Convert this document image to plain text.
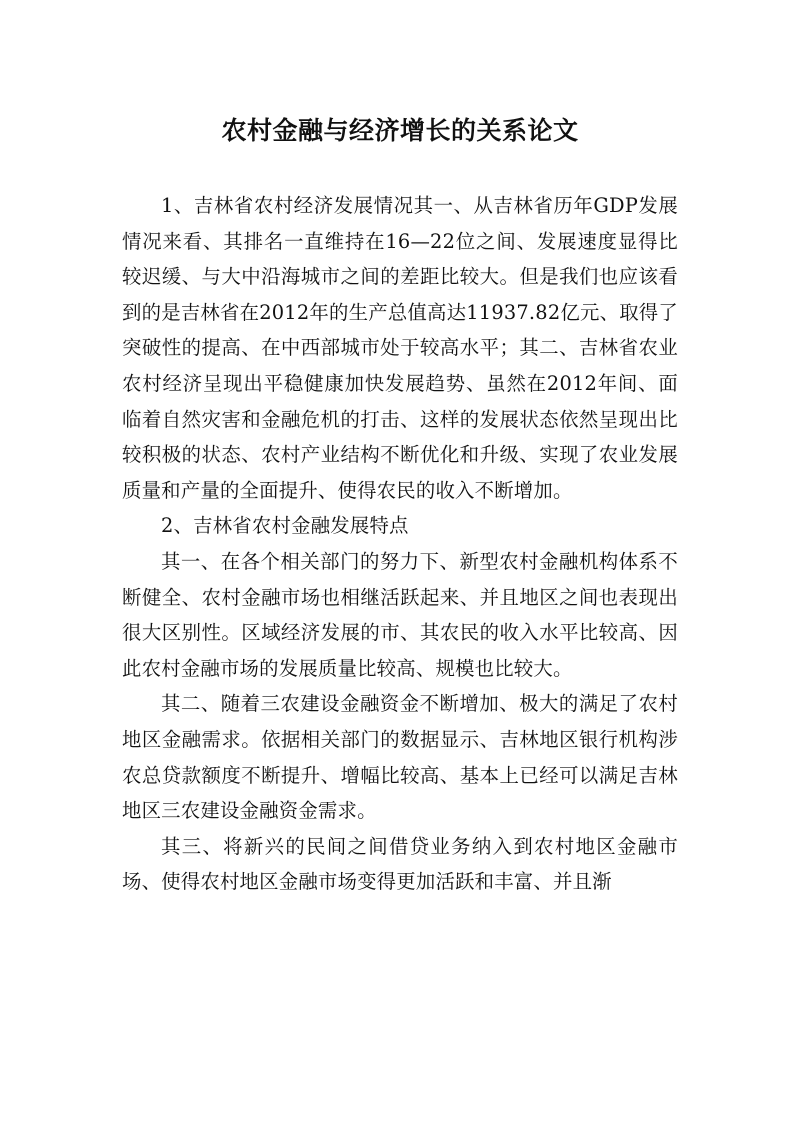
农村金融与经济增长的关系论文

1、吉林省农村经济发展情况其一、从吉林省历年GDP发展情况来看、其排名一直维持在16—22位之间、发展速度显得比较迟缓、与大中沿海城市之间的差距比较大。但是我们也应该看到的是吉林省在2012年的生产总值高达11937.82亿元、取得了突破性的提高、在中西部城市处于较高水平；其二、吉林省农业农村经济呈现出平稳健康加快发展趋势、虽然在2012年间、面临着自然灾害和金融危机的打击、这样的发展状态依然呈现出比较积极的状态、农村产业结构不断优化和升级、实现了农业发展质量和产量的全面提升、使得农民的收入不断增加。

2、吉林省农村金融发展特点

其一、在各个相关部门的努力下、新型农村金融机构体系不断健全、农村金融市场也相继活跃起来、并且地区之间也表现出很大区别性。区域经济发展的市、其农民的收入水平比较高、因此农村金融市场的发展质量比较高、规模也比较大。

其二、随着三农建设金融资金不断增加、极大的满足了农村地区金融需求。依据相关部门的数据显示、吉林地区银行机构涉农总贷款额度不断提升、增幅比较高、基本上已经可以满足吉林地区三农建设金融资金需求。

其三、将新兴的民间之间借贷业务纳入到农村地区金融市场、使得农村地区金融市场变得更加活跃和丰富、并且渐
